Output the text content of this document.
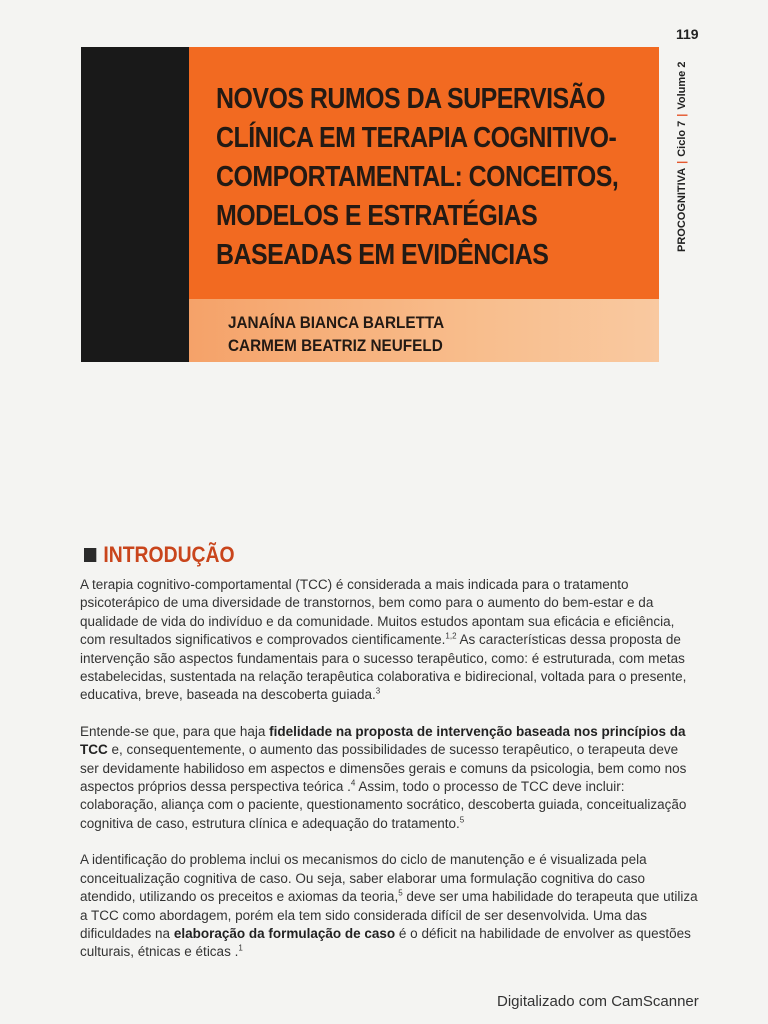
119
PROCOGNITIVA|Ciclo 7|Volume 2
NOVOS RUMOS DA SUPERVISÃO
CLÍNICA EM TERAPIA COGNITIVO-
COMPORTAMENTAL: CONCEITOS,
MODELOS E ESTRATÉGIAS
BASEADAS EM EVIDÊNCIAS
JANAÍNA BIANCA BARLETTA
CARMEM BEATRIZ NEUFELD
INTRODUÇÃO

A terapia cognitivo-comportamental (TCC) é considerada a mais indicada para o tratamento psicoterápico de uma diversidade de transtornos, bem como para o aumento do bem-estar e da qualidade de vida do indivíduo e da comunidade. Muitos estudos apontam sua eficácia e eficiência, com resultados significativos e comprovados cientificamente.$^{1,2}$ As características dessa proposta de intervenção são aspectos fundamentais para o sucesso terapêutico, como: é estruturada, com metas estabelecidas, sustentada na relação terapêutica colaborativa e bidirecional, voltada para o presente, educativa, breve, baseada na descoberta guiada.$^3$

Entende-se que, para que haja fidelidade na proposta de intervenção baseada nos princípios da TCC e, consequentemente, o aumento das possibilidades de sucesso terapêutico, o terapeuta deve ser devidamente habilidoso em aspectos e dimensões gerais e comuns da psicologia, bem como nos aspectos próprios dessa perspectiva teórica .$^4$ Assim, todo o processo de TCC deve incluir: colaboração, aliança com o paciente, questionamento socrático, descoberta guiada, conceitualização cognitiva de caso, estrutura clínica e adequação do tratamento.$^5$

A identificação do problema inclui os mecanismos do ciclo de manutenção e é visualizada pela conceitualização cognitiva de caso. Ou seja, saber elaborar uma formulação cognitiva do caso atendido, utilizando os preceitos e axiomas da teoria,$^5$ deve ser uma habilidade do terapeuta que utiliza a TCC como abordagem, porém ela tem sido considerada difícil de ser desenvolvida. Uma das dificuldades na elaboração da formulação de caso é o déficit na habilidade de envolver as questões culturais, étnicas e éticas .$^1$

Digitalizado com CamScanner
